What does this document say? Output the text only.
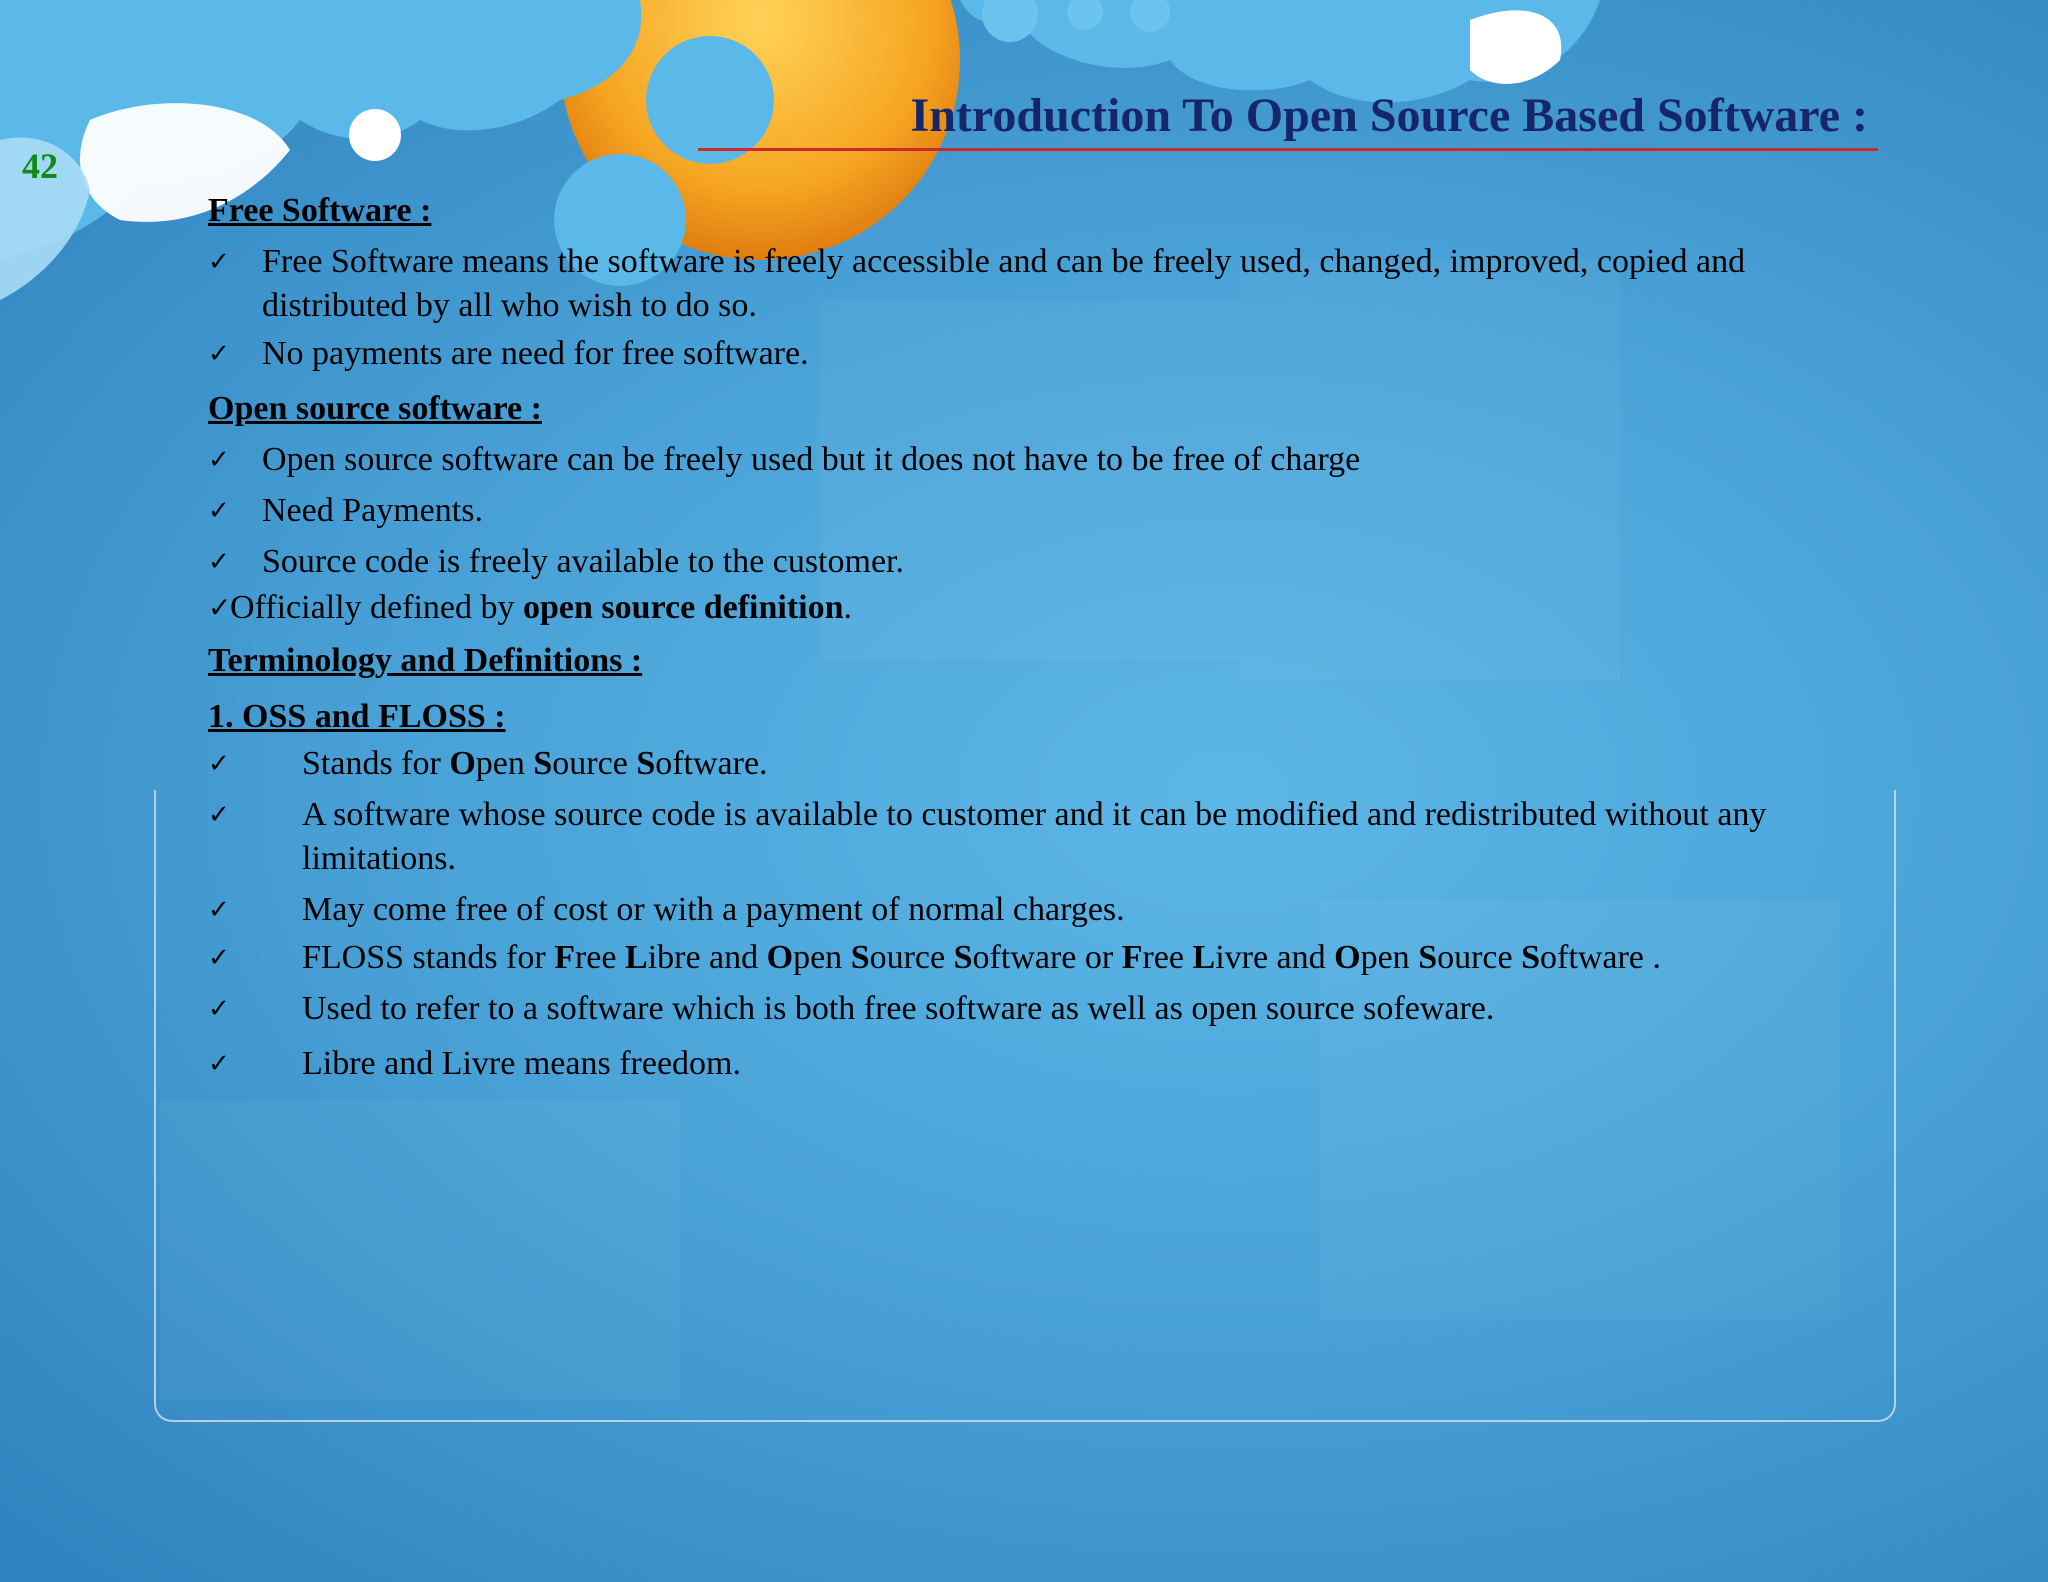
42
Introduction To Open Source Based Software :
Free Software :
✓ Free Software means the software is freely accessible and can be freely used, changed, improved, copied and distributed by all who wish to do so.
✓ No payments are need for free software.
Open source software :
✓ Open source software can be freely used but it does not have to be free of charge
✓ Need Payments.
✓ Source code is freely available to the customer.
✓
Officially defined by open source definition.
Terminology and Definitions :
1. OSS and FLOSS :
✓	Stands for Open Source Software.
✓	A software whose source code is available to customer and it can be modified and redistributed without any limitations.
✓	May come free of cost or with a payment of normal charges.
✓	FLOSS stands for Free Libre and Open Source Software or Free Livre and Open Source Software .
✓	Used to refer to a software which is both free software as well as open source sofeware.
✓	Libre and Livre means freedom.
